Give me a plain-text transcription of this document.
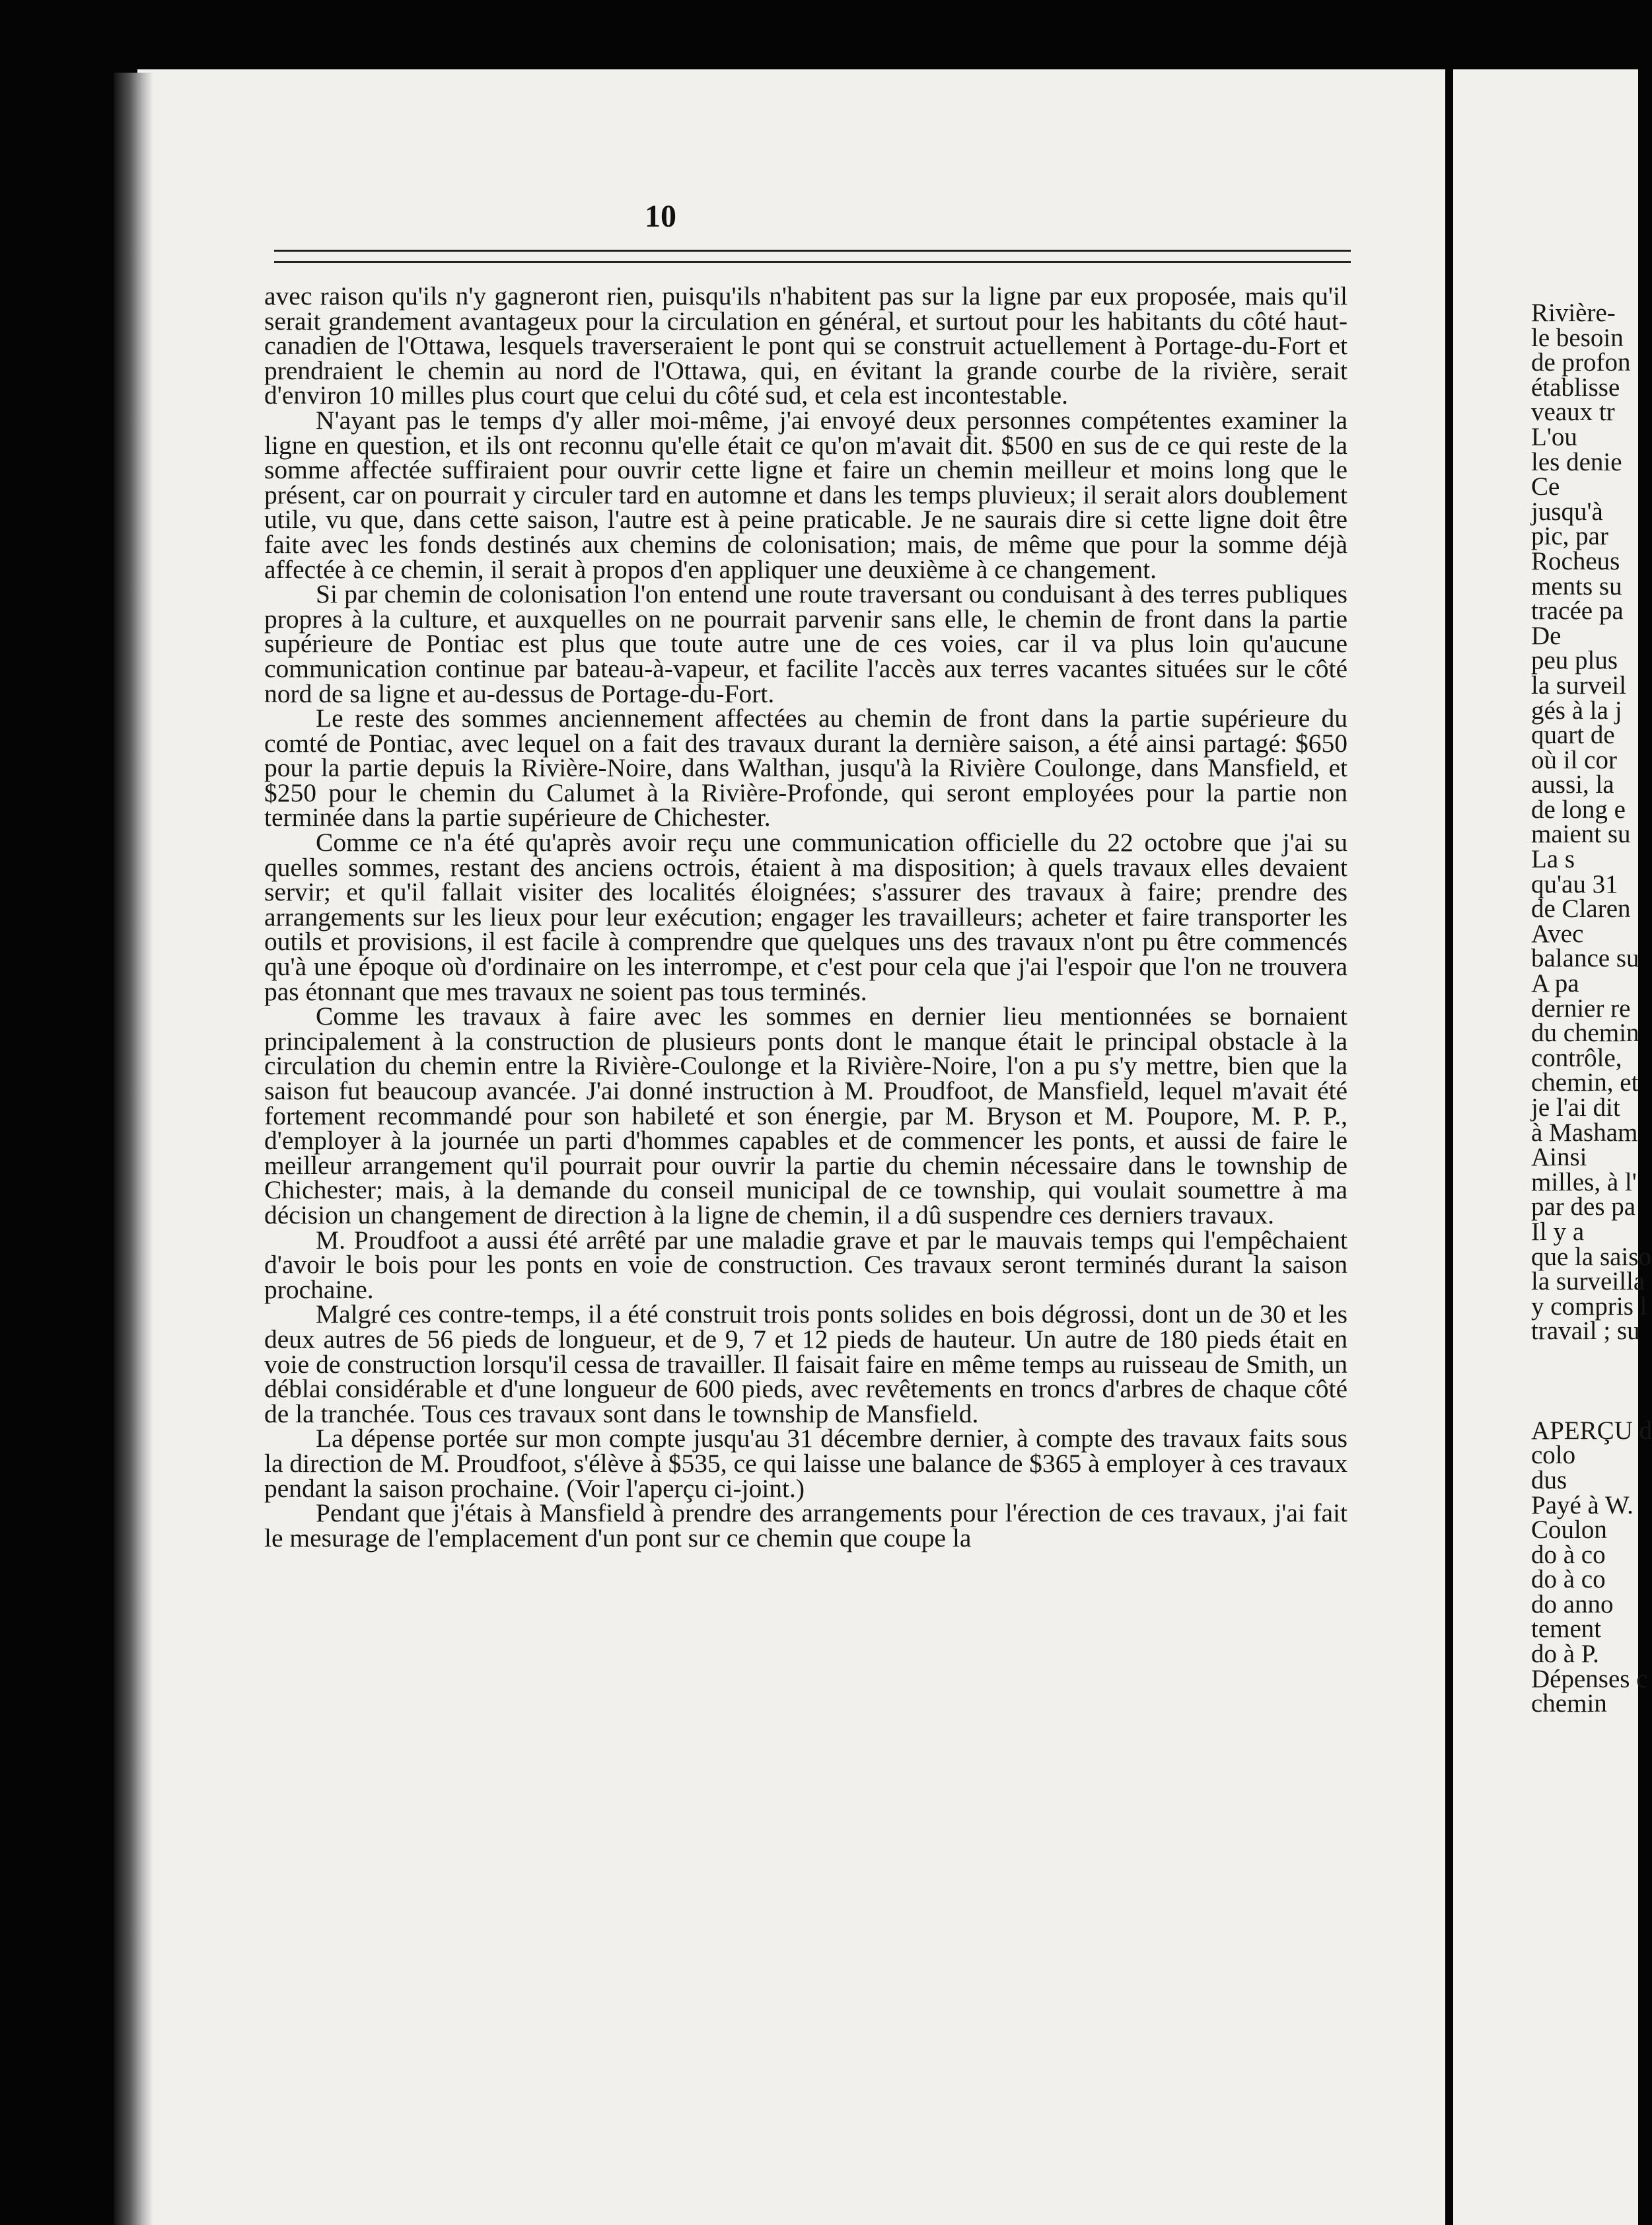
10

avec raison qu'ils n'y gagneront rien, puisqu'ils n'habitent pas sur la ligne par eux proposée, mais qu'il serait grandement avantageux pour la circulation en général, et surtout pour les habitants du côté haut-canadien de l'Ottawa, lesquels traverseraient le pont qui se construit actuellement à Portage-du-Fort et prendraient le chemin au nord de l'Ottawa, qui, en évitant la grande courbe de la rivière, serait d'environ 10 milles plus court que celui du côté sud, et cela est incontestable.

N'ayant pas le temps d'y aller moi-même, j'ai envoyé deux personnes compétentes examiner la ligne en question, et ils ont reconnu qu'elle était ce qu'on m'avait dit. $500 en sus de ce qui reste de la somme affectée suffiraient pour ouvrir cette ligne et faire un chemin meilleur et moins long que le présent, car on pourrait y circuler tard en automne et dans les temps pluvieux; il serait alors doublement utile, vu que, dans cette saison, l'autre est à peine praticable. Je ne saurais dire si cette ligne doit être faite avec les fonds destinés aux chemins de colonisation; mais, de même que pour la somme déjà affectée à ce chemin, il serait à propos d'en appliquer une deuxième à ce changement.

Si par chemin de colonisation l'on entend une route traversant ou conduisant à des terres publiques propres à la culture, et auxquelles on ne pourrait parvenir sans elle, le chemin de front dans la partie supérieure de Pontiac est plus que toute autre une de ces voies, car il va plus loin qu'aucune communication continue par bateau-à-vapeur, et facilite l'accès aux terres vacantes situées sur le côté nord de sa ligne et au-dessus de Portage-du-Fort.

Le reste des sommes anciennement affectées au chemin de front dans la partie supérieure du comté de Pontiac, avec lequel on a fait des travaux durant la dernière saison, a été ainsi partagé: $650 pour la partie depuis la Rivière-Noire, dans Walthan, jusqu'à la Rivière Coulonge, dans Mansfield, et $250 pour le chemin du Calumet à la Rivière-Profonde, qui seront employées pour la partie non terminée dans la partie supérieure de Chichester.

Comme ce n'a été qu'après avoir reçu une communication officielle du 22 octobre que j'ai su quelles sommes, restant des anciens octrois, étaient à ma disposition; à quels travaux elles devaient servir; et qu'il fallait visiter des localités éloignées; s'assurer des travaux à faire; prendre des arrangements sur les lieux pour leur exécution; engager les travailleurs; acheter et faire transporter les outils et provisions, il est facile à comprendre que quelques uns des travaux n'ont pu être commencés qu'à une époque où d'ordinaire on les interrompe, et c'est pour cela que j'ai l'espoir que l'on ne trouvera pas étonnant que mes travaux ne soient pas tous terminés.

Comme les travaux à faire avec les sommes en dernier lieu mentionnées se bornaient principalement à la construction de plusieurs ponts dont le manque était le principal obstacle à la circulation du chemin entre la Rivière-Coulonge et la Rivière-Noire, l'on a pu s'y mettre, bien que la saison fut beaucoup avancée. J'ai donné instruction à M. Proudfoot, de Mansfield, lequel m'avait été fortement recommandé pour son habileté et son énergie, par M. Bryson et M. Poupore, M. P. P., d'employer à la journée un parti d'hommes capables et de commencer les ponts, et aussi de faire le meilleur arrangement qu'il pourrait pour ouvrir la partie du chemin nécessaire dans le township de Chichester; mais, à la demande du conseil municipal de ce township, qui voulait soumettre à ma décision un changement de direction à la ligne de chemin, il a dû suspendre ces derniers travaux.

M. Proudfoot a aussi été arrêté par une maladie grave et par le mauvais temps qui l'empêchaient d'avoir le bois pour les ponts en voie de construction. Ces travaux seront terminés durant la saison prochaine.

Malgré ces contre-temps, il a été construit trois ponts solides en bois dégrossi, dont un de 30 et les deux autres de 56 pieds de longueur, et de 9, 7 et 12 pieds de hauteur. Un autre de 180 pieds était en voie de construction lorsqu'il cessa de travailler. Il faisait faire en même temps au ruisseau de Smith, un déblai considérable et d'une longueur de 600 pieds, avec revêtements en troncs d'arbres de chaque côté de la tranchée. Tous ces travaux sont dans le township de Mansfield.

La dépense portée sur mon compte jusqu'au 31 décembre dernier, à compte des travaux faits sous la direction de M. Proudfoot, s'élève à $535, ce qui laisse une balance de $365 à employer à ces travaux pendant la saison prochaine. (Voir l'aperçu ci-joint.)

Pendant que j'étais à Mansfield à prendre des arrangements pour l'érection de ces travaux, j'ai fait le mesurage de l'emplacement d'un pont sur ce chemin que coupe la

Rivière-
le besoin
de profon
établisse
veaux tr
L'ou
les denie
Ce
jusqu'à
pic, par
Rocheus
ments su
tracée pa
De
peu plus
la surveil
gés à la j
quart de
où il cor
aussi, la
de long e
maient su
La s
qu'au 31
de Claren
Avec
balance su
A pa
dernier re
du chemin
contrôle,
chemin, et
je l'ai dit
à Masham
Ainsi
milles, à l'
par des pa
Il y a
que la saiso
la surveilla
y compris l
travail ; su
APERÇU d
colo
dus
Payé à W.
Coulon
do à co
do à co
do anno
tement
do à P.
Dépenses c
chemin
